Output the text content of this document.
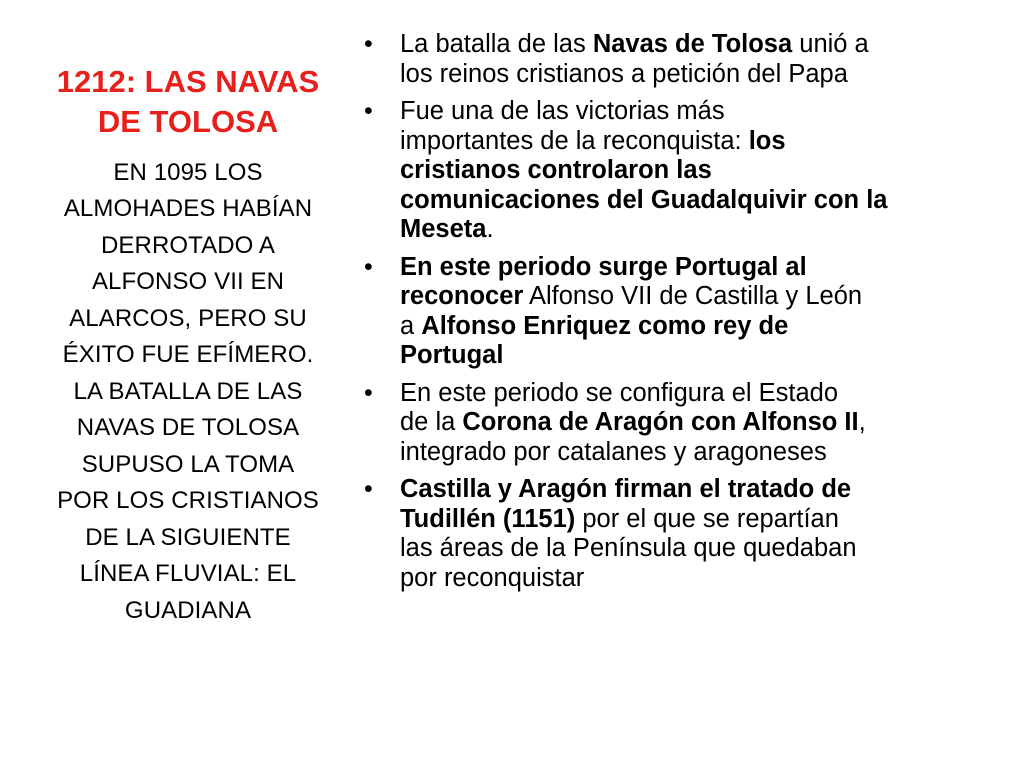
1212: LAS NAVAS
DE TOLOSA
EN 1095 LOS
ALMOHADES HABÍAN
DERROTADO A
ALFONSO VII EN
ALARCOS, PERO SU
ÉXITO FUE EFÍMERO.
LA BATALLA DE LAS
NAVAS DE TOLOSA
SUPUSO LA TOMA
POR LOS CRISTIANOS
DE LA SIGUIENTE
LÍNEA FLUVIAL: EL
GUADIANA
• La batalla de las Navas de Tolosa unió a
los reinos cristianos a petición del Papa
• Fue una de las victorias más
importantes de la reconquista: los
cristianos controlaron las
comunicaciones del Guadalquivir con la
Meseta.
• En este periodo surge Portugal al
reconocer Alfonso VII de Castilla y León
a Alfonso Enriquez como rey de
Portugal
• En este periodo se configura el Estado
de la Corona de Aragón con Alfonso II,
integrado por catalanes y aragoneses
• Castilla y Aragón firman el tratado de
Tudillén (1151) por el que se repartían
las áreas de la Península que quedaban
por reconquistar
